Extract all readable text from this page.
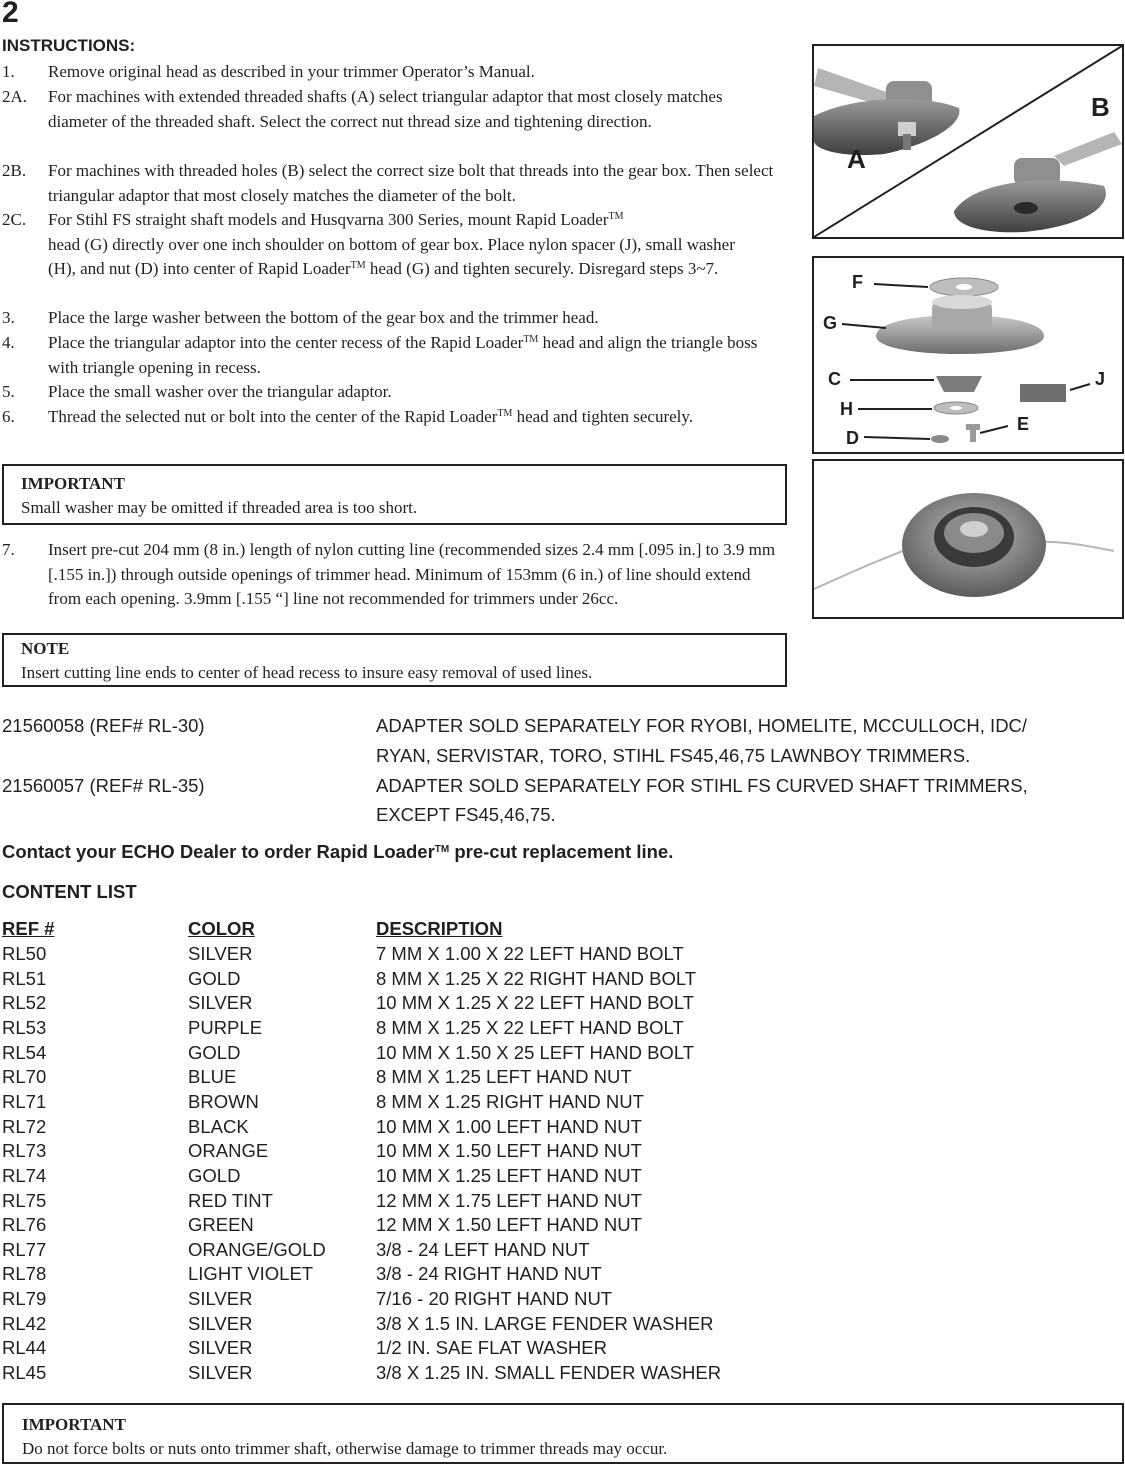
2
INSTRUCTIONS:
1. Remove original head as described in your trimmer Operator’s Manual.
2A. For machines with extended threaded shafts (A) select triangular adaptor that most closely matches diameter of the threaded shaft. Select the correct nut thread size and tightening direction.
2B. For machines with threaded holes (B) select the correct size bolt that threads into the gear box. Then select triangular adaptor that most closely matches the diameter of the bolt.
2C. For Stihl FS straight shaft models and Husqvarna 300 Series, mount Rapid Loader™
head (G) directly over one inch shoulder on bottom of gear box. Place nylon spacer (J), small washer (H), and nut (D) into center of Rapid Loader™ head (G) and tighten securely. Disregard steps 3~7.
3. Place the large washer between the bottom of the gear box and the trimmer head.
4. Place the triangular adaptor into the center recess of the Rapid Loader™ head and align the triangle boss with triangle opening in recess.
5. Place the small washer over the triangular adaptor.
6. Thread the selected nut or bolt into the center of the Rapid Loader™ head and tighten securely.
IMPORTANT
Small washer may be omitted if threaded area is too short.
7. Insert pre-cut 204 mm (8 in.) length of nylon cutting line (recommended sizes 2.4 mm [.095 in.] to 3.9 mm [.155 in.]) through outside openings of trimmer head. Minimum of 153mm (6 in.) of line should extend from each opening. 3.9mm [.155 “] line not recommended for trimmers under 26cc.
NOTE
Insert cutting line ends to center of head recess to insure easy removal of used lines.
A
B
F
G
C	J
H
E
D
21560058 (REF# RL-30)	ADAPTER SOLD SEPARATELY FOR RYOBI, HOMELITE, MCCULLOCH, IDC/
RYAN, SERVISTAR, TORO, STIHL FS45,46,75 LAWNBOY TRIMMERS.
21560057 (REF# RL-35)	ADAPTER SOLD SEPARATELY FOR STIHL FS CURVED SHAFT TRIMMERS,
EXCEPT FS45,46,75.
Contact your ECHO Dealer to order Rapid Loader™ pre-cut replacement line.
CONTENT LIST
REF #	COLOR	DESCRIPTION
RL50	SILVER	7 MM X 1.00 X 22 LEFT HAND BOLT
RL51	GOLD	8 MM X 1.25 X 22 RIGHT HAND BOLT
RL52	SILVER	10 MM X 1.25 X 22 LEFT HAND BOLT
RL53	PURPLE	8 MM X 1.25 X 22 LEFT HAND BOLT
RL54	GOLD	10 MM X 1.50 X 25 LEFT HAND BOLT
RL70	BLUE	8 MM X 1.25 LEFT HAND NUT
RL71	BROWN	8 MM X 1.25 RIGHT HAND NUT
RL72	BLACK	10 MM X 1.00 LEFT HAND NUT
RL73	ORANGE	10 MM X 1.50 LEFT HAND NUT
RL74	GOLD	10 MM X 1.25 LEFT HAND NUT
RL75	RED TINT	12 MM X 1.75 LEFT HAND NUT
RL76	GREEN	12 MM X 1.50 LEFT HAND NUT
RL77	ORANGE/GOLD	3/8 - 24 LEFT HAND NUT
RL78	LIGHT VIOLET	3/8 - 24 RIGHT HAND NUT
RL79	SILVER	7/16 - 20 RIGHT HAND NUT
RL42	SILVER	3/8 X 1.5 IN. LARGE FENDER WASHER
RL44	SILVER	1/2 IN. SAE FLAT WASHER
RL45	SILVER	3/8 X 1.25 IN. SMALL FENDER WASHER
IMPORTANT
Do not force bolts or nuts onto trimmer shaft, otherwise damage to trimmer threads may occur.
